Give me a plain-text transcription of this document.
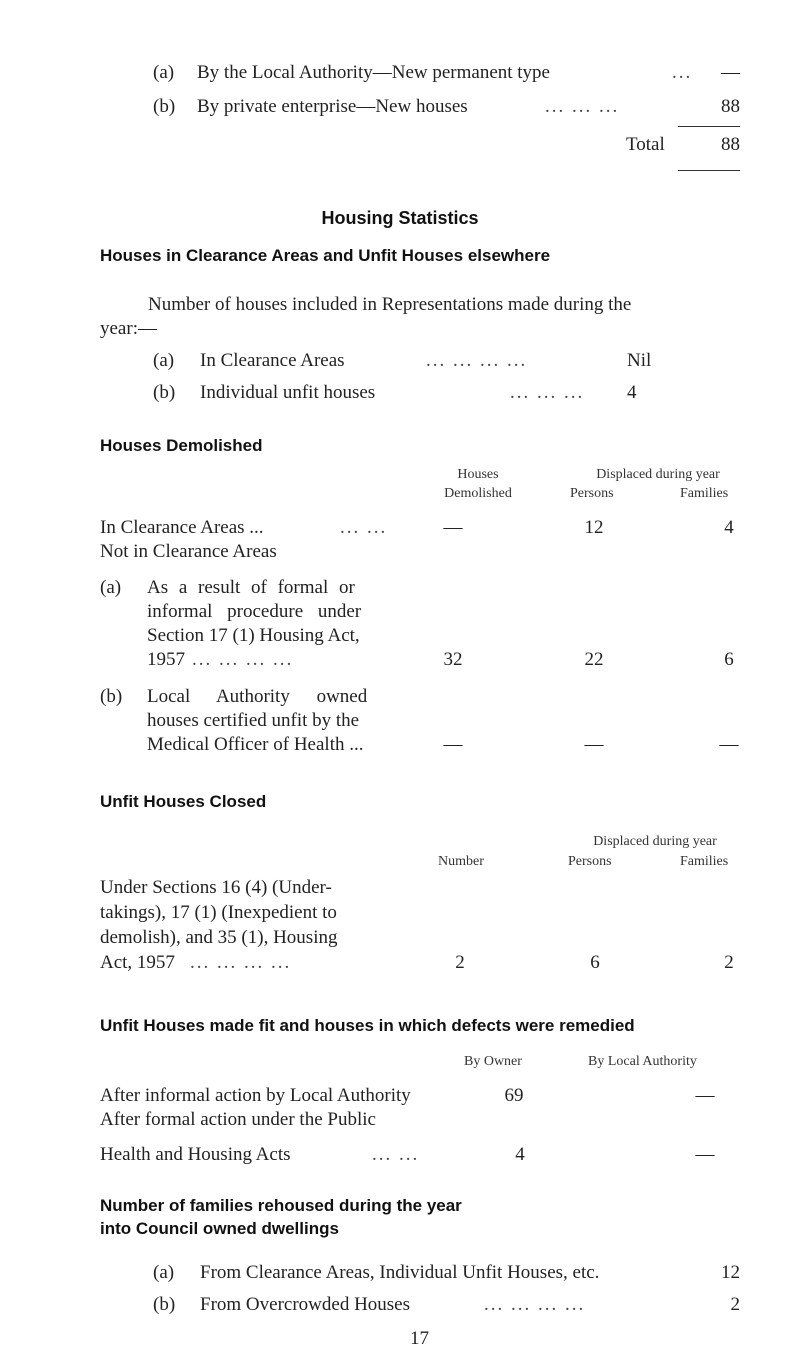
(a) By the Local Authority—New permanent type	...	—
(b) By private enterprise—New houses	... ... ...	88
Total	88
Housing Statistics
Houses in Clearance Areas and Unfit Houses elsewhere
Number of houses included in Representations made during the
year:—
(a) In Clearance Areas	... ... ... ...	Nil
(b) Individual unfit houses	... ... ... 4
Houses Demolished
Houses
Demolished
Displaced during year
Persons	Families
In Clearance Areas ...	... ...	—	12	4
Not in Clearance Areas
(a) As a result of formal or
informal procedure under
Section 17 (1) Housing Act,
1957 ... ... ... ...	32	22	6
(b) Local Authority owned
houses certified unfit by the
Medical Officer of Health ...	—	—	—
Unfit Houses Closed
Displaced during year
Number	Persons	Families
Under Sections 16 (4) (Under-
takings), 17 (1) (Inexpedient to
demolish), and 35 (1), Housing
Act, 1957 ... ... ... ...	2	6	2
Unfit Houses made fit and houses in which defects were remedied
By Owner	By Local Authority
After informal action by Local Authority	69	—
After formal action under the Public
Health and Housing Acts	... ...	4	—
Number of families rehoused during the year
into Council owned dwellings
(a) From Clearance Areas, Individual Unfit Houses, etc.	12
(b) From Overcrowded Houses	... ... ... ...	2
17
